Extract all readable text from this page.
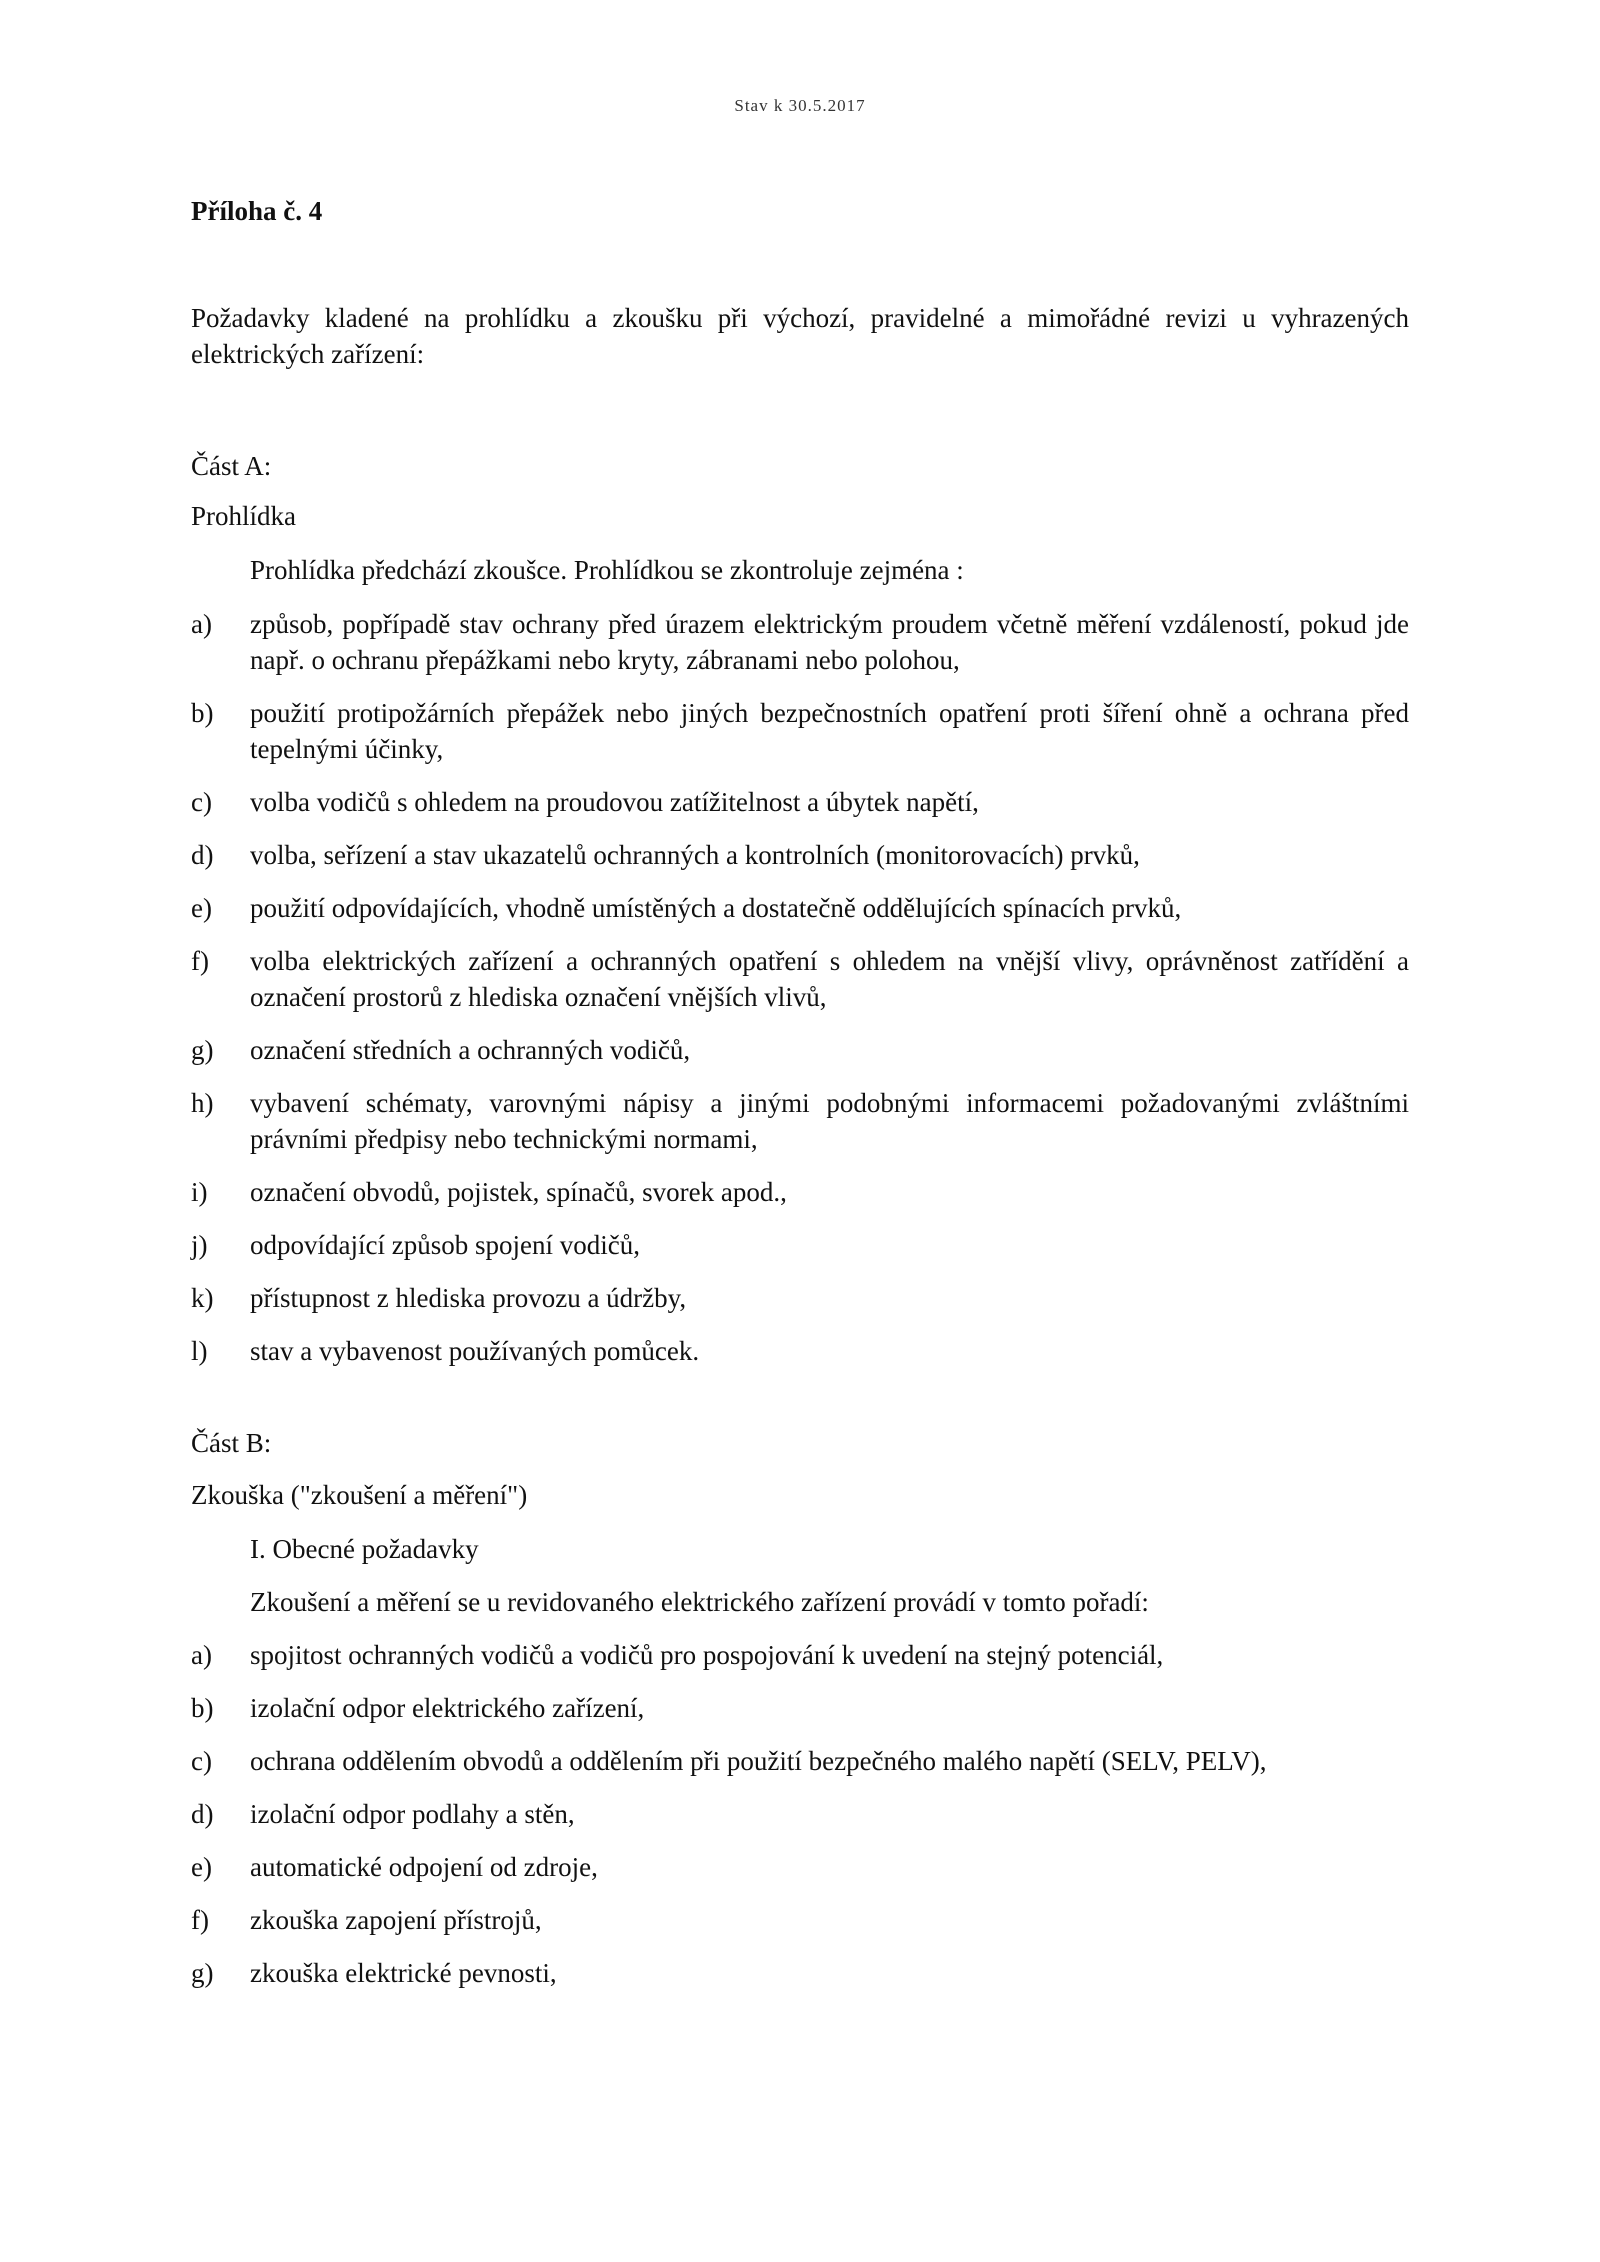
Stav k 30.5.2017
Příloha č. 4
Požadavky kladené na prohlídku a zkoušku při výchozí, pravidelné a mimořádné revizi u vyhrazených elektrických zařízení:
Část A:
Prohlídka
Prohlídka předchází zkoušce. Prohlídkou se zkontroluje zejména :
a)	způsob, popřípadě stav ochrany před úrazem elektrickým proudem včetně měření vzdáleností, pokud jde např. o ochranu přepážkami nebo kryty, zábranami nebo polohou,
b)	použití protipožárních přepážek nebo jiných bezpečnostních opatření proti šíření ohně a ochrana před tepelnými účinky,
c)	volba vodičů s ohledem na proudovou zatížitelnost a úbytek napětí,
d)	volba, seřízení a stav ukazatelů ochranných a kontrolních (monitorovacích) prvků,
e)	použití odpovídajících, vhodně umístěných a dostatečně oddělujících spínacích prvků,
f)	volba elektrických zařízení a ochranných opatření s ohledem na vnější vlivy, oprávněnost zatřídění a označení prostorů z hlediska označení vnějších vlivů,
g)	označení středních a ochranných vodičů,
h)	vybavení schématy, varovnými nápisy a jinými podobnými informacemi požadovanými zvláštními právními předpisy nebo technickými normami,
i)	označení obvodů, pojistek, spínačů, svorek apod.,
j)	odpovídající způsob spojení vodičů,
k)	přístupnost z hlediska provozu a údržby,
l)	stav a vybavenost používaných pomůcek.
Část B:
Zkouška ("zkoušení a měření")
I. Obecné požadavky
Zkoušení a měření se u revidovaného elektrického zařízení provádí v tomto pořadí:
a)	spojitost ochranných vodičů a vodičů pro pospojování k uvedení na stejný potenciál,
b)	izolační odpor elektrického zařízení,
c)	ochrana oddělením obvodů a oddělením při použití bezpečného malého napětí (SELV, PELV),
d)	izolační odpor podlahy a stěn,
e)	automatické odpojení od zdroje,
f)	zkouška zapojení přístrojů,
g)	zkouška elektrické pevnosti,
